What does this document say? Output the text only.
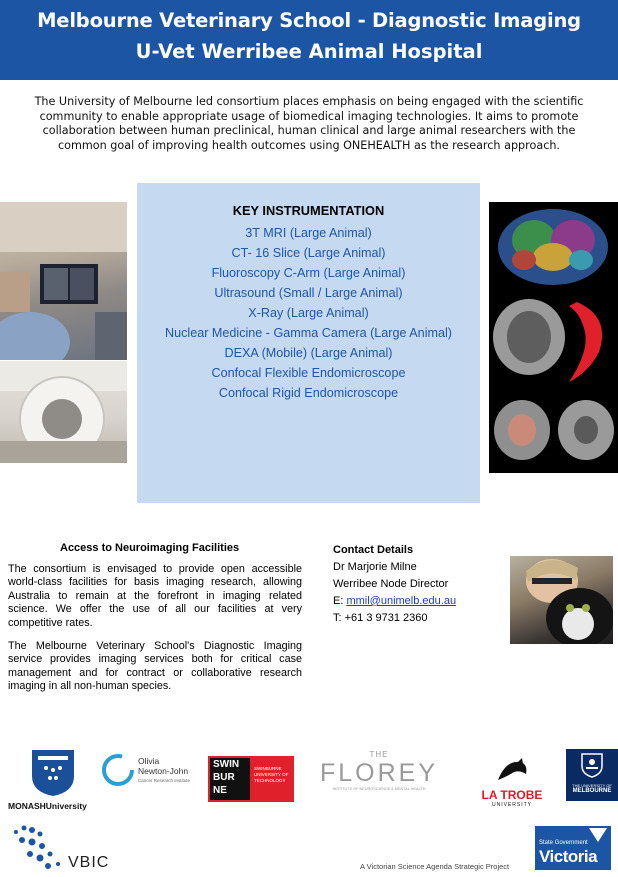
Melbourne Veterinary School - Diagnostic Imaging
U-Vet Werribee Animal Hospital
The University of Melbourne led consortium places emphasis on being engaged with the scientific community to enable appropriate usage of biomedical imaging technologies. It aims to promote collaboration between human preclinical, human clinical and large animal researchers with the common goal of improving health outcomes using ONEHEALTH as the research approach.
KEY INSTRUMENTATION
3T MRI (Large Animal)
CT- 16 Slice (Large Animal)
Fluoroscopy C-Arm (Large Animal)
Ultrasound (Small / Large Animal)
X-Ray (Large Animal)
Nuclear Medicine - Gamma Camera (Large Animal)
DEXA (Mobile) (Large Animal)
Confocal Flexible Endomicroscope
Confocal Rigid Endomicroscope
Access to Neuroimaging Facilities
The consortium is envisaged to provide open accessible world-class facilities for basis imaging research, allowing Australia to remain at the forefront in imaging related science. We offer the use of all our facilities at very competitive rates.
The Melbourne Veterinary School's Diagnostic Imaging service provides imaging services both for critical case management and for contract or collaborative research imaging in all non-human species.
Contact Details
Dr Marjorie Milne
Werribee Node Director
E: mmil@unimelb.edu.au
T: +61 3 9731 2360
MONASHUniversity
Olivia
Newton-John
Cancer Research Institute
SWIN
BUR
NE
SWINBURNE
UNIVERSITY OF
TECHNOLOGY
THE
FLOREY
INSTITUTE OF NEUROSCIENCE & MENTAL HEALTH	LA TROBE
UNIVERSITY
THE UNIVERSITY OF
MELBOURNE
VBIC	A Victorian Science Agenda Strategic Project
State Government
Victoria
